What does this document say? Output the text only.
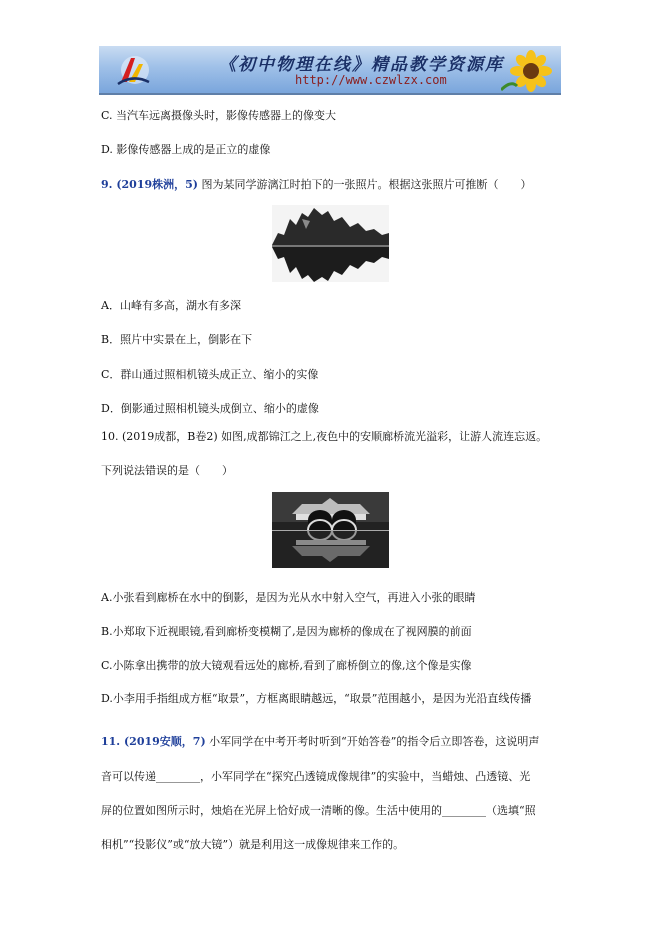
《初中物理在线》精品教学资源库
http://www.czwlzx.com
C. 当汽车远离摄像头时，影像传感器上的像变大
D. 影像传感器上成的是正立的虚像
9. (2019株洲，5) 图为某同学游漓江时拍下的一张照片。根据这张照片可推断（　　）
A．山峰有多高，湖水有多深
B．照片中实景在上，倒影在下
C．群山通过照相机镜头成正立、缩小的实像
D．倒影通过照相机镜头成倒立、缩小的虚像
10. (2019成都，B卷2) 如图,成都锦江之上,夜色中的安顺廊桥流光溢彩，让游人流连忘返。
下列说法错误的是（　　）
A.小张看到廊桥在水中的倒影，是因为光从水中射入空气，再进入小张的眼睛
B.小郑取下近视眼镜,看到廊桥变模糊了,是因为廊桥的像成在了视网膜的前面
C.小陈拿出携带的放大镜观看远处的廊桥,看到了廊桥倒立的像,这个像是实像
D.小李用手指组成方框“取景”，方框离眼睛越远，“取景”范围越小，是因为光沿直线传播
11. (2019安顺，7) 小军同学在中考开考时听到“开始答卷”的指令后立即答卷，这说明声
音可以传递________，小军同学在“探究凸透镜成像规律”的实验中，当蜡烛、凸透镜、光
屏的位置如图所示时，烛焰在光屏上恰好成一清晰的像。生活中使用的________（选填“照
相机”“投影仪”或“放大镜”）就是利用这一成像规律来工作的。
